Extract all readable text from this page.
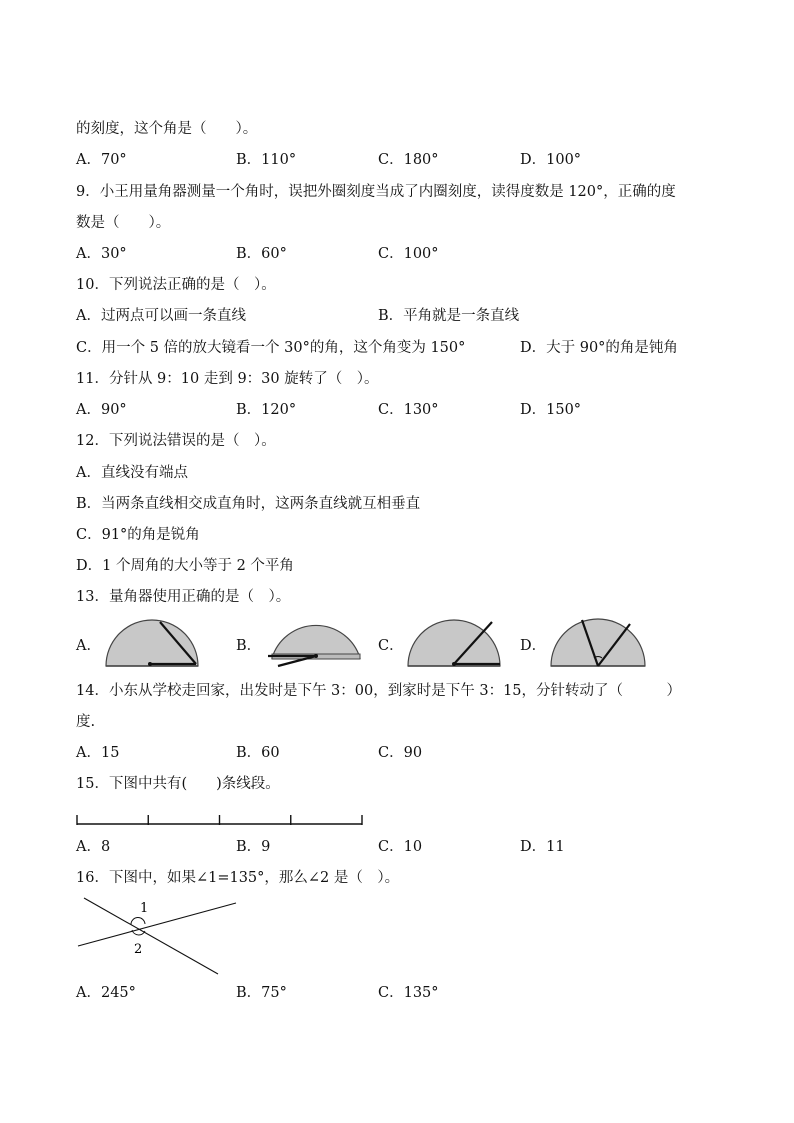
的刻度，这个角是（　　）。
A．70°	B．110°	C．180°	D．100°
9．小王用量角器测量一个角时，误把外圈刻度当成了内圈刻度，读得度数是 120°，正确的度
数是（　　）。
A．30°	B．60°	C．100°
10．下列说法正确的是（　）。
A．过两点可以画一条直线	B．平角就是一条直线
C．用一个 5 倍的放大镜看一个 30°的角，这个角变为 150°	D．大于 90°的角是钝角
11．分针从 9：10 走到 9：30 旋转了（　）。
A．90°	B．120°	C．130°	D．150°
12．下列说法错误的是（　）。
A．直线没有端点
B．当两条直线相交成直角时，这两条直线就互相垂直
C．91°的角是锐角
D．1 个周角的大小等于 2 个平角
13．量角器使用正确的是（　）。
A．	B．	C．	D．
14．小东从学校走回家，出发时是下午 3：00，到家时是下午 3：15，分针转动了（　　　）
度.
A．15	B．60	C．90
15．下图中共有(　　)条线段。
A．8	B．9	C．10	D．11
16．下图中，如果∠1=135°，那么∠2 是（　）。
1
2
A．245°	B．75°	C．135°
